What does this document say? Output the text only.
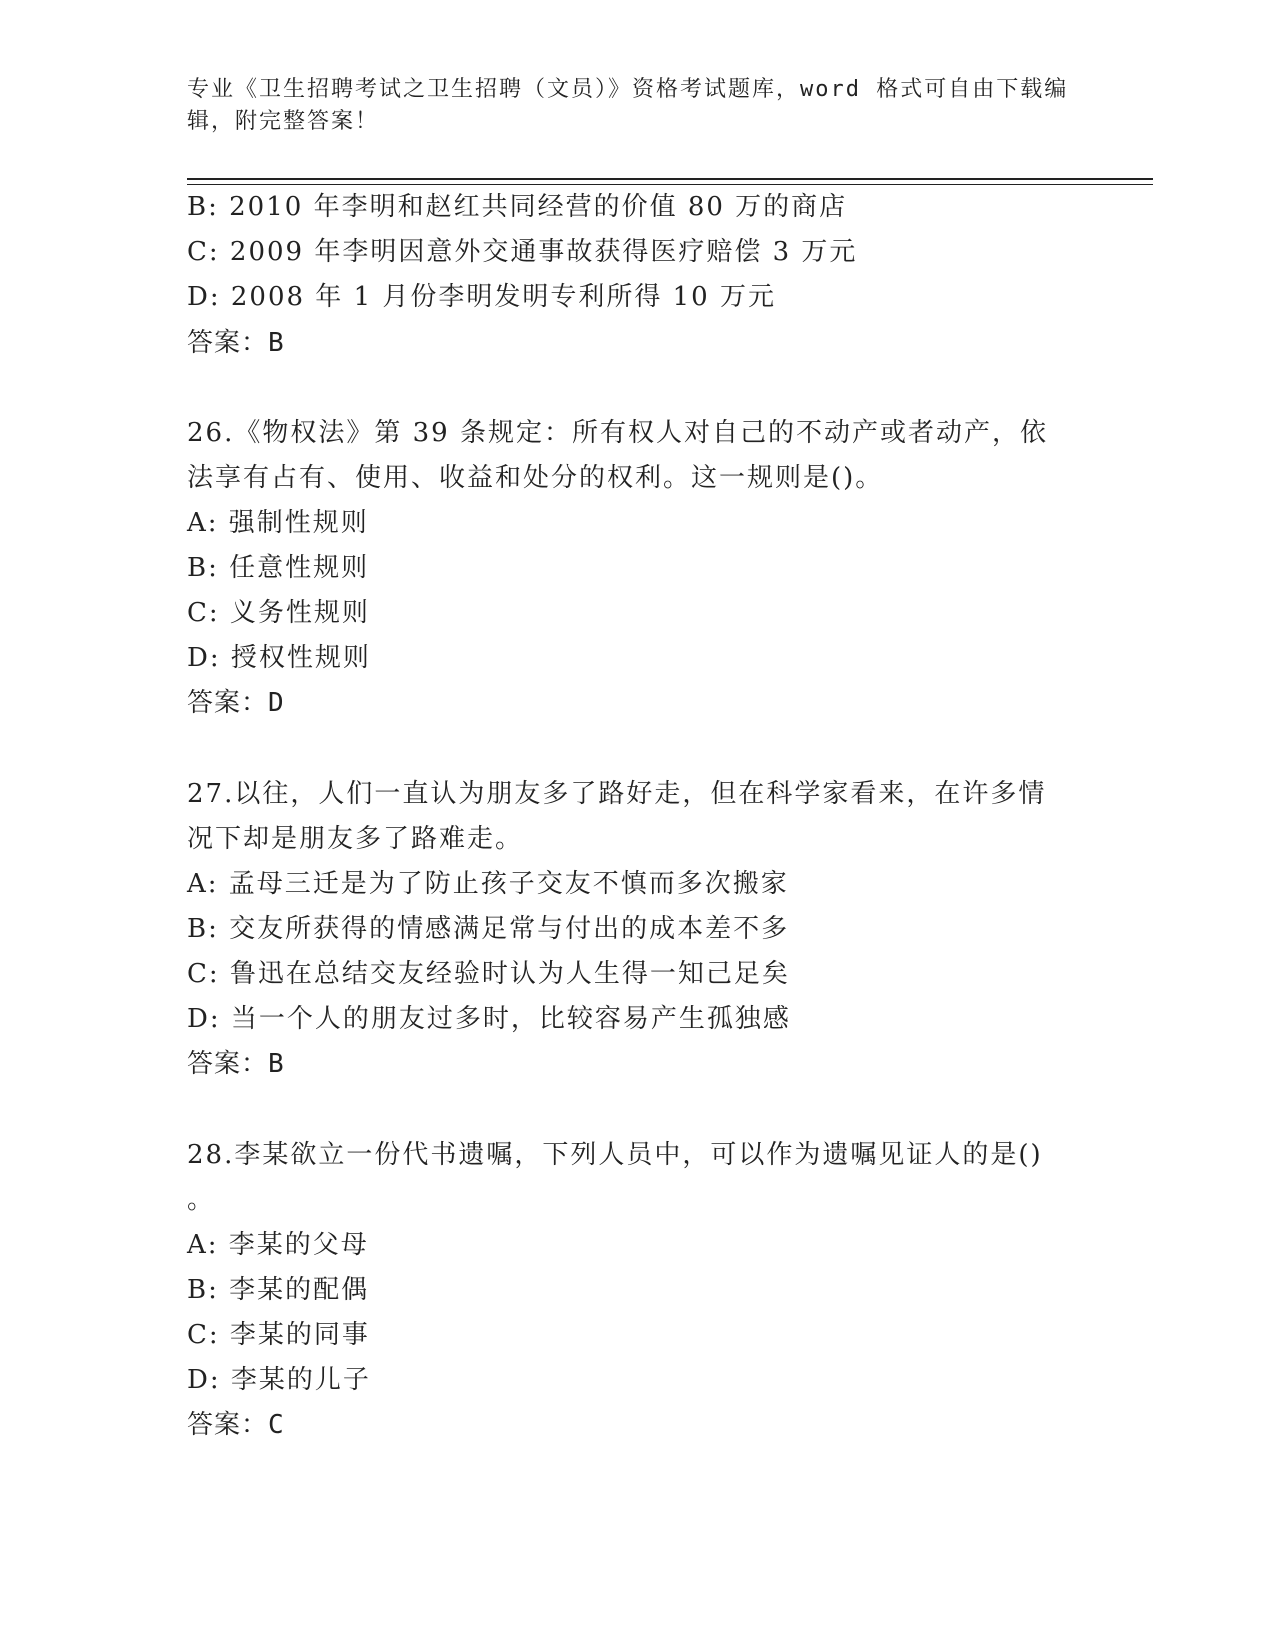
专业《卫生招聘考试之卫生招聘（文员）》资格考试题库，word 格式可自由下载编辑，附完整答案！
B: 2010 年李明和赵红共同经营的价值 80 万的商店
C: 2009 年李明因意外交通事故获得医疗赔偿 3 万元
D: 2008 年 1 月份李明发明专利所得 10 万元
答案：B
26.《物权法》第 39 条规定：所有权人对自己的不动产或者动产，依
法享有占有、使用、收益和处分的权利。这一规则是()。
A: 强制性规则
B: 任意性规则
C: 义务性规则
D: 授权性规则
答案：D
27.以往，人们一直认为朋友多了路好走，但在科学家看来，在许多情
况下却是朋友多了路难走。
A: 孟母三迁是为了防止孩子交友不慎而多次搬家
B: 交友所获得的情感满足常与付出的成本差不多
C: 鲁迅在总结交友经验时认为人生得一知己足矣
D: 当一个人的朋友过多时，比较容易产生孤独感
答案：B
28.李某欲立一份代书遗嘱，下列人员中，可以作为遗嘱见证人的是()
。
A: 李某的父母
B: 李某的配偶
C: 李某的同事
D: 李某的儿子
答案：C
